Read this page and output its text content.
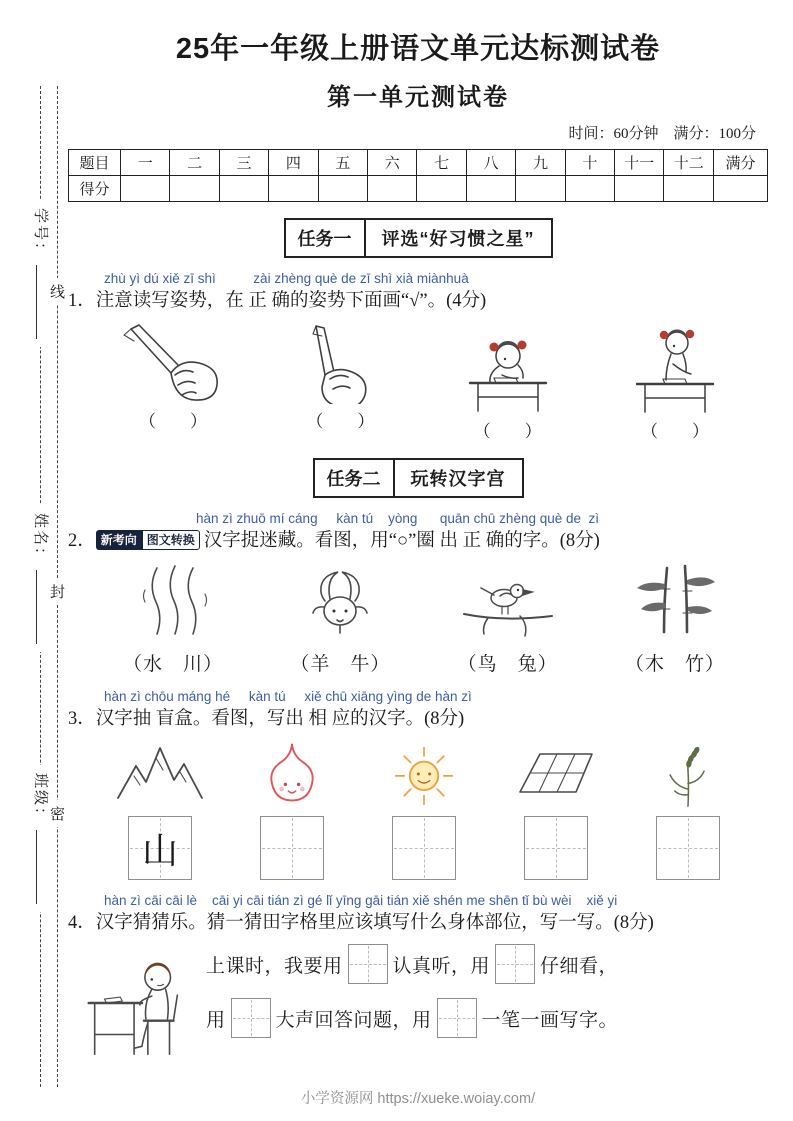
学号：
姓名：
班级：
线
封
密
25年一年级上册语文单元达标测试卷
第一单元测试卷
时间：60分钟　满分：100分
题目	一	二	三	四	五	六	七	八	九	十	十一	十二	满分
得分													
任务一	评选“好习惯之星”
zhù yì dú xiě zī shì          zài zhèng què de zī shì xià miànhuà
1．注意读写姿势，在 正 确的姿势下面画“√”。(4分)
（　　）	（　　）
（　　）	（　　）
任务二	玩转汉字宫
hàn zì zhuō mí cáng     kàn tú    yòng      quān chū zhèng què de  zì
2． 新考向 图文转换 汉字捉迷藏。看图，用“○”圈 出 正 确的字。(8分)
（水　川）	（羊　牛）	（鸟　兔）	（木　竹）
hàn zì chōu máng hé     kàn tú     xiě chū xiāng yìng de hàn zì
3．汉字抽 盲盒。看图，写出 相 应的汉字。(8分)
山
hàn zì cāi cāi lè    cāi yi cāi tián zì gé lǐ yīng gāi tián xiě shén me shēn tǐ bù wèi    xiě yi
4．汉字猜猜乐。猜一猜田字格里应该填写什么身体部位，写一写。(8分)
上课时，我要用	认真听，用	仔细看，
用	大声回答问题，用	一笔一画写字。
小学资源网 https://xueke.woiay.com/
